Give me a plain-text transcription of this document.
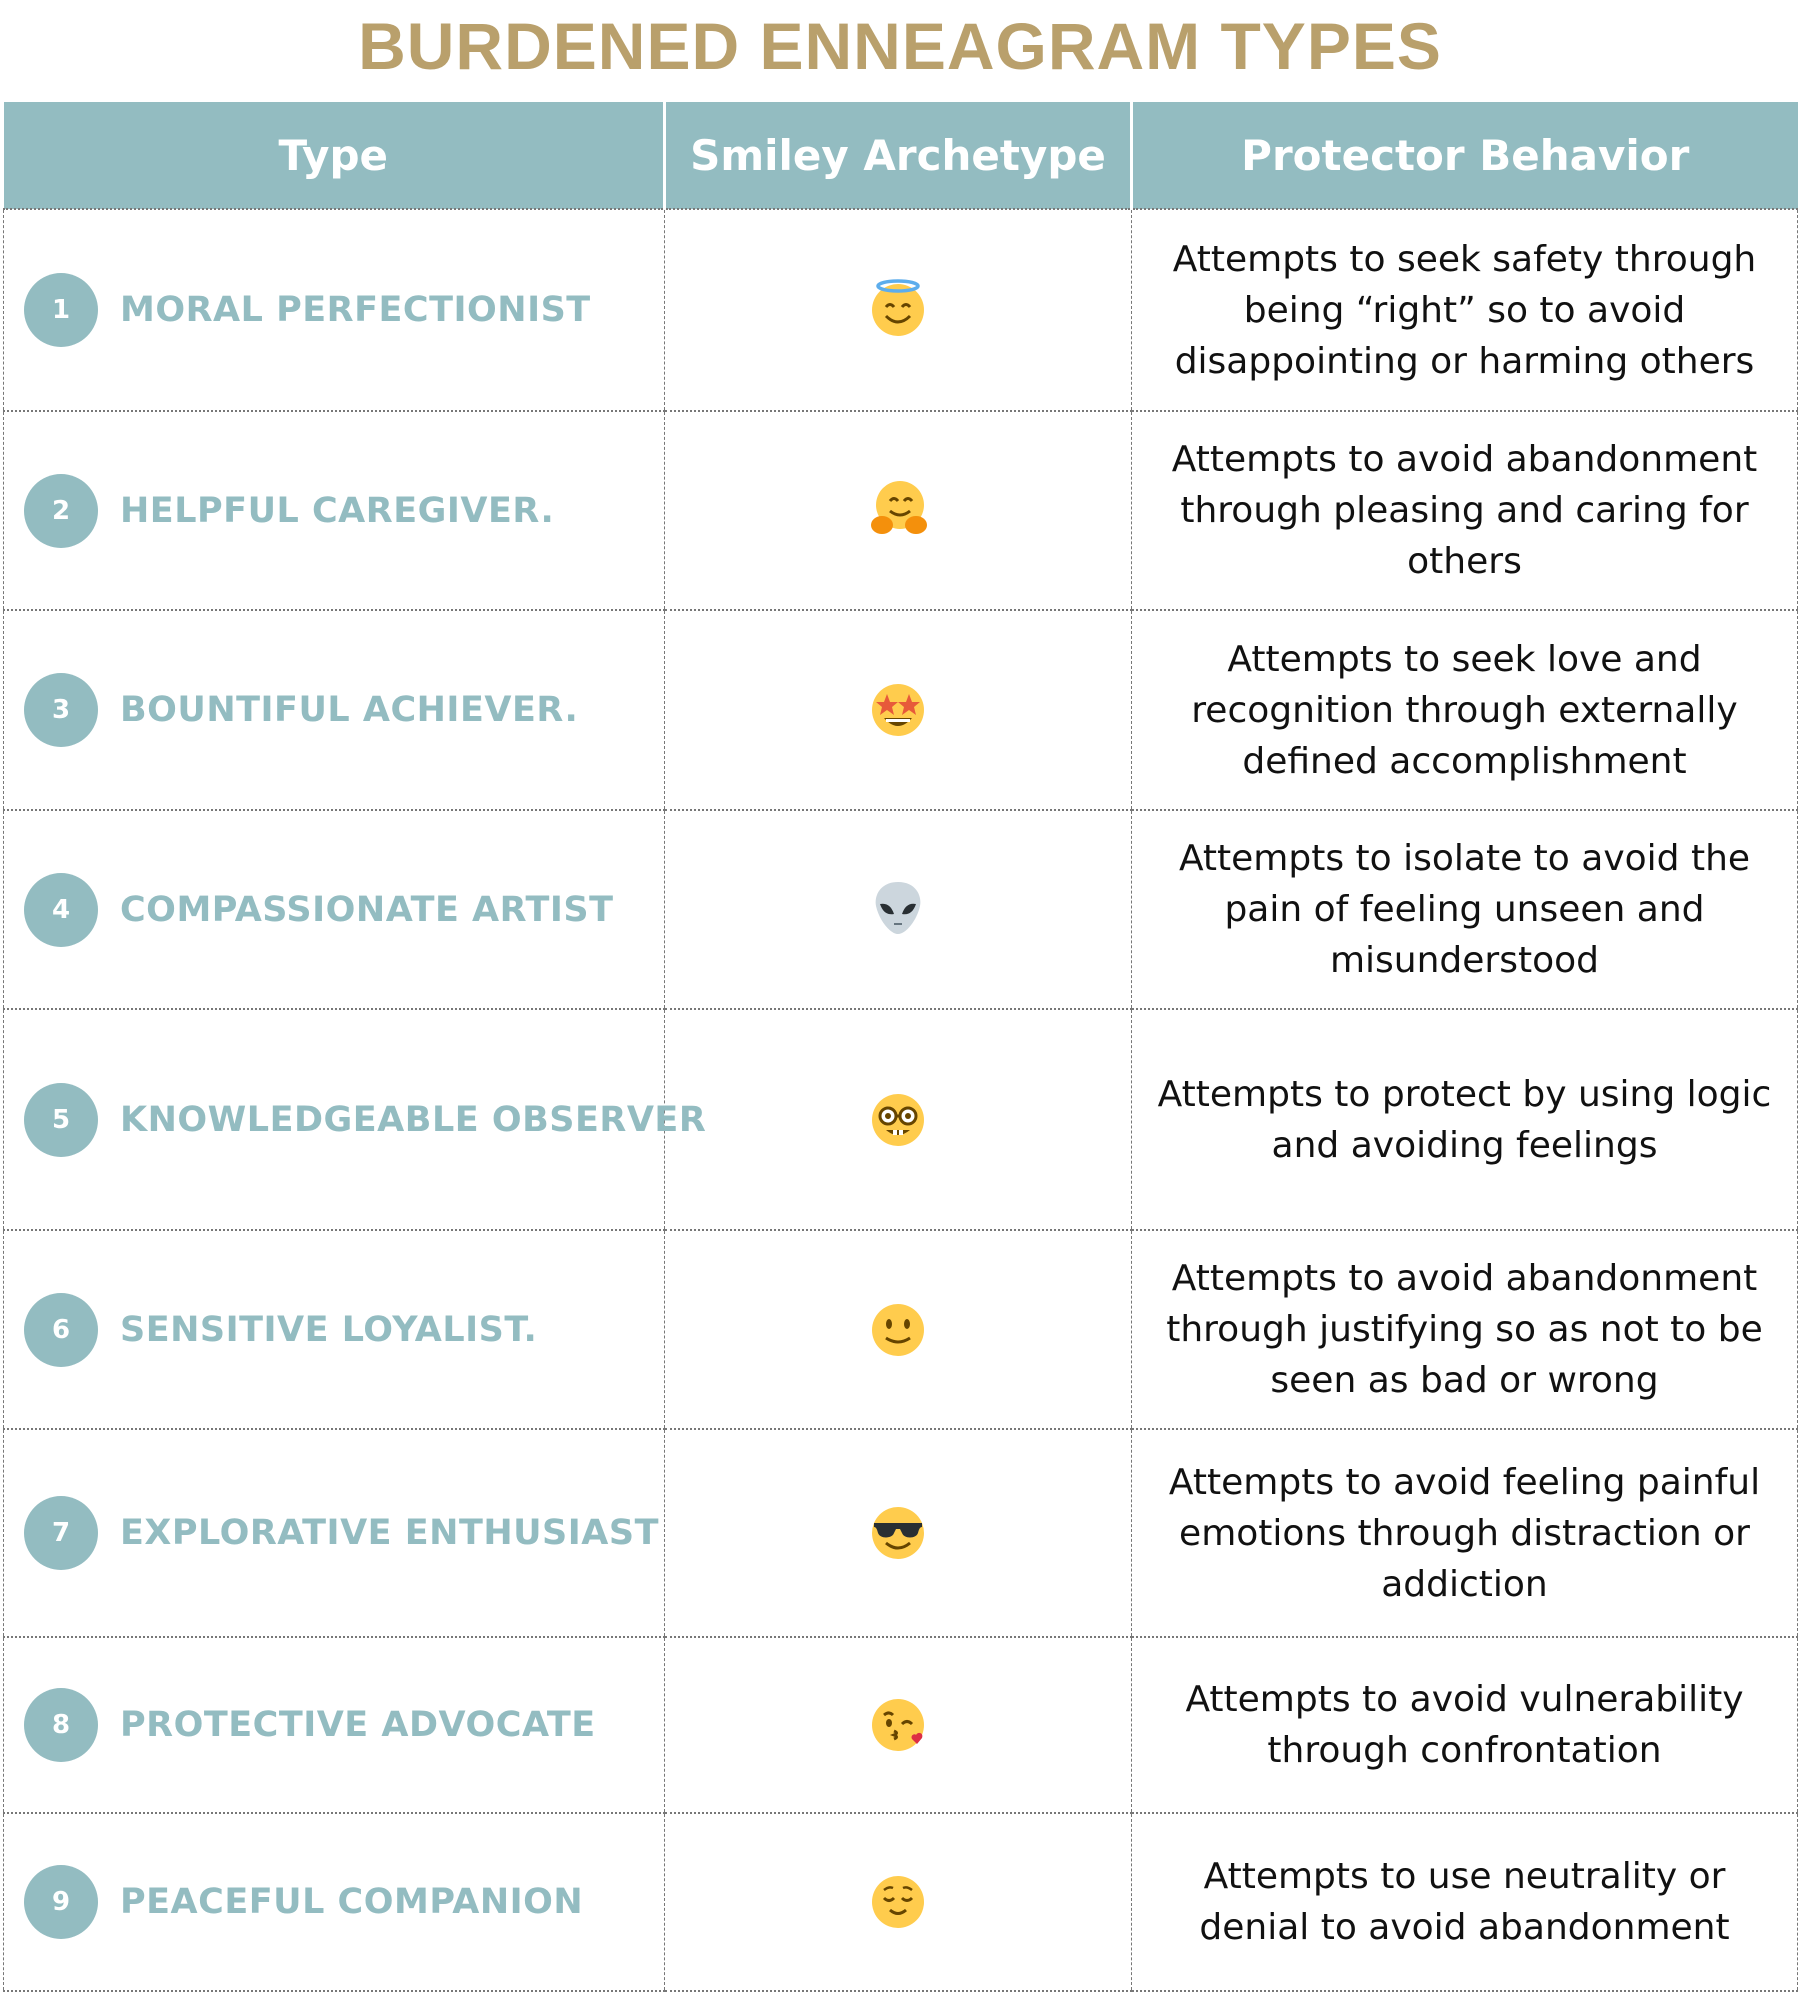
BURDENED ENNEAGRAM TYPES
Type	Smiley Archetype	Protector Behavior

1 MORAL PERFECTIONIST		Attempts to seek safety through being “right” so to avoid disappointing or harming others

2 HELPFUL CAREGIVER.		Attempts to avoid abandonment through pleasing and caring for others

3 BOUNTIFUL ACHIEVER.		Attempts to seek love and recognition through externally defined accomplishment

4 COMPASSIONATE ARTIST		Attempts to isolate to avoid the pain of feeling unseen and misunderstood

5 KNOWLEDGEABLE OBSERVER		Attempts to protect by using logic and avoiding feelings

6 SENSITIVE LOYALIST.		Attempts to avoid abandonment through justifying so as not to be seen as bad or wrong

7 EXPLORATIVE ENTHUSIAST		Attempts to avoid feeling painful emotions through distraction or addiction

8 PROTECTIVE ADVOCATE		Attempts to avoid vulnerability through confrontation

9 PEACEFUL COMPANION		Attempts to use neutrality or denial to avoid abandonment
